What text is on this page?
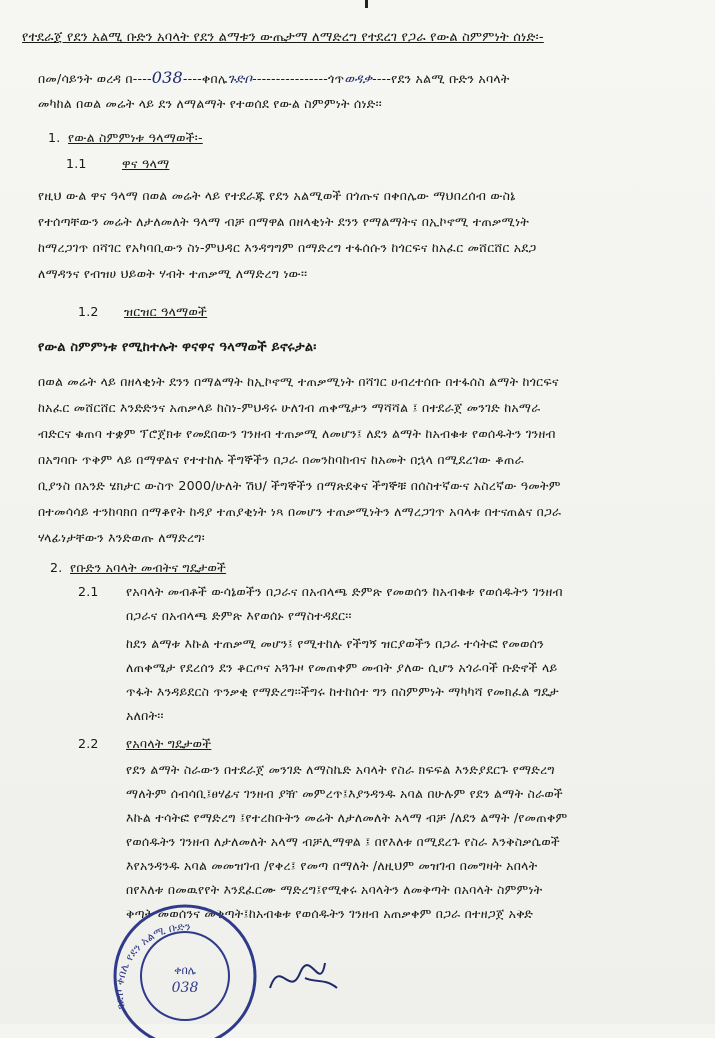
የተደራጀ የደን አልሚ ቡድን አባላት የደን ልማቱን ውጤታማ ለማድረግ የተደረገ የጋራ የውል ስምምነት ሰነድ፡-
በመ/ሳይንት ወረዳ በ----038----ቀበሌጉድቦ----------------ጎጥወዳቃ----የደን አልሚ ቡድን አባላት
መካከል በወል መሬት ላይ ደን ለማልማት የተወሰደ የውል ስምምነት ሰነድ፡፡
1. የውል ስምምነቱ ዓላማወች፡-
1.1	ዋና ዓላማ
የዚህ ውል ዋና ዓላማ በወል መሬት ላይ የተደራጁ የደን አልሚወች በጎጡና በቀበሌው ማህበረሰብ ውስኔ
የተሰጣቸውን መሬት ለታለመለት ዓላማ ብቻ በማዋል በዘላቂነት ደንን የማልማትና በኢኮኖሚ ተጠቃሚነት
ከማረጋገጥ በሻገር የአካባቢውን ስነ-ምህዳር እንዳግግም በማድረግ ተፋሰሱን ከጎርፍና ከአፈር መሸርሸር አደጋ
ለማዳንና የብዝሀ ህይወት ሃብት ተጠቃሚ ለማድረግ ነው፡፡
1.2 ዝርዝር ዓላማወች
የውል ስምምነቱ የሚከተሉት ዋናዋና ዓላማወች ይኖሩታል፡
በወል መሬት ላይ በዘላቂነት ደንን በማልማት ከኢኮኖሚ ተጠቃሚነት በሻገር ሀብረተሰቡ በተፋሰስ ልማት ከጎርፍና
ከአፈር መሸርሸር እንድድንና አጠቃላይ ከስነ-ምህዳሩ ሁለገብ ጠቀሜታን ማሻሻል ፤ በተደራጀ መንገድ ከአማራ
ብድርና ቁጠባ ተቋም ፕሮጀክቱ የመደበውን ገንዘብ ተጠቃሚ ለመሆን፤ ለደን ልማት ከአብቁቱ የወሰዱትን ገንዘብ
በአግባቡ ጥቅም ላይ በማዋልና የተተከሉ ችግኞችን በጋራ በመንከባከብና ከአመት በኋላ በሚደረገው ቆጠራ
ቢያንስ በአንድ ሄክታር ውስጥ 2000/ሁለት ሽህ/ ችግኞችን በማጽደቅና ችግኞቹ በሰስተኛውና አስረኛው ዓመትም
በተመሳሳይ ተንከባክበ በማቆየት ከዳያ ተጠያቂነት ነጻ በመሆን ተጠቃሚነትን ለማረጋገጥ አባላቱ በተናጠልና በጋራ
ሃላፊነታቸውን እንድወጡ ለማድረግ፡
2. የቡድን አባላት መብትና ግዴታወች
2.1 የአባላት መብቶች ውሳኔወችን በጋራና በአብላጫ ድምጽ የመወሰን ከአብቁቱ የወሰዱትን ገንዘብ
በጋራና በአብላጫ ድምጽ እየወሰኑ የማስተዳደር፡፡
ከደን ልማቱ እኩል ተጠቃሚ መሆን፤ የሚተከሉ የችግኝ ዝርያወችን በጋራ ተሳትፎ የመወሰን
ለጠቀሜታ የደረሰን ደን ቆርጦና አጓጉዞ የመጠቀም መብት ያለው ሲሆን አጎራባች ቡድኖች ላይ
ጥፋት እንዳይደርስ ጥንቃቂ የማድረግ፡፡ችግሩ ከተከሰተ ግን በስምምነት ማካካሻ የመክፈል ግዴታ
አለበት፡፡
2.2 የአባላት ግዴታወች
የደን ልማት ስራውን በተደራጀ መንገድ ለማስኬድ አባላት የስራ ክፍፍል እንድያደርጉ የማድረግ
ማለትም ሰብሳቢ፤ፀሃፊና ገንዘብ ያዥ መምረጥ፤እያንዳንዱ አባል በሁሉም የደን ልማት ስራወች
እኩል ተሳትፎ የማድረግ ፤የተረከቡትን መሬት ለታለመለት አላማ ብቻ /ለደን ልማት /የመጠቀም
የወሰዱትን ገንዘብ ለታለመለት አላማ ብቻሊማዋል ፤ በየእለቱ በሚደረጉ የስራ እንቅስቃሴወች
እየአንዳንዱ አባል መመዝገብ /የቀረ፤ የመጣ በማለት /ለዚህም መዝገብ በመግዛት አበላት
በየእለቱ በመዉየየት እንደፈርሙ ማድረግ፤የሚቀሩ አባላትን ለመቅጣት በአባላት ስምምነት
ቅጣት መወሰንና መቅጣት፤ከአብቁቱ የወሰዱትን ገንዘብ አጠቃቀም በጋራ በተዘጋጀ አቅድ
ገድቦ ቀበሌ የደን አልሚ ቡድን
ቀበሌ
038
